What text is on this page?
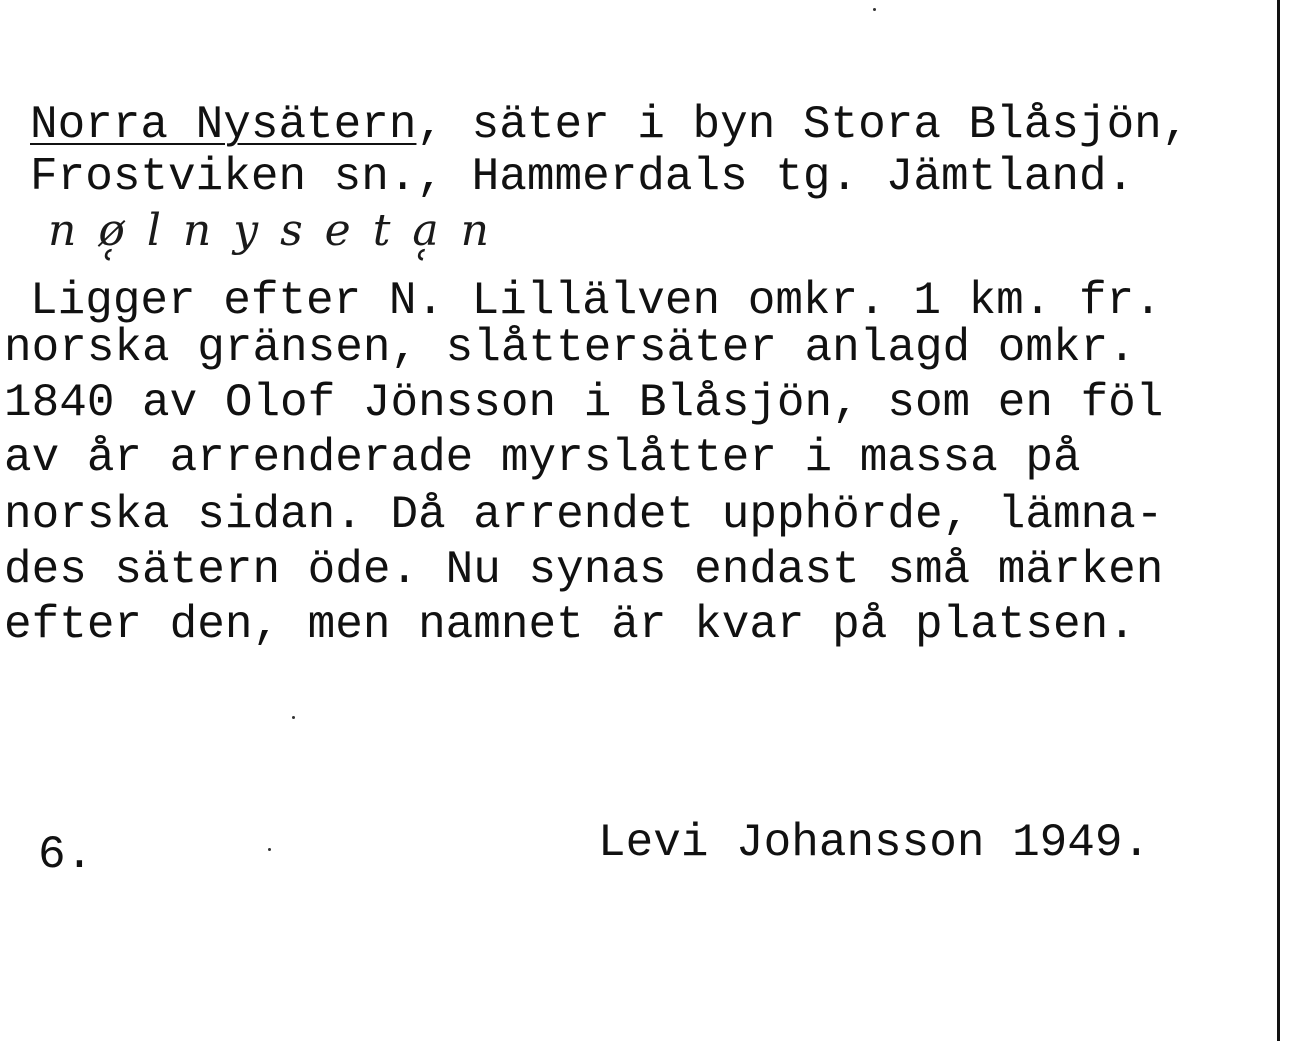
Norra Nysätern, säter i byn Stora Blåsjön,
Frostviken sn., Hammerdals tg. Jämtland.
nø̜lnyseta̜n
Ligger efter N. Lillälven omkr. 1 km. fr.
norska gränsen, slåttersäter anlagd omkr.
1840 av Olof Jönsson i Blåsjön, som en föl
av år arrenderade myrslåtter i massa på
norska sidan. Då arrendet upphörde, lämna-
des sätern öde. Nu synas endast små märken
efter den, men namnet är kvar på platsen.
6.	Levi Johansson 1949.
